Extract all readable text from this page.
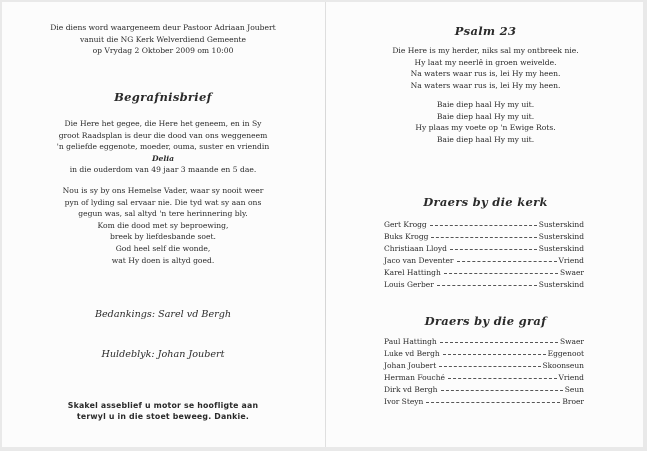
Die diens word waargeneem deur Pastoor Adriaan Joubert
vanuit die NG Kerk Welverdiend Gemeente
op Vrydag 2 Oktober 2009 om 10:00
Begrafnisbrief
Die Here het gegee, die Here het geneem, en in Sy
groot Raadsplan is deur die dood van ons weggeneem
'n geliefde eggenote, moeder, ouma, suster en vriendin
Delia
in die ouderdom van 49 jaar 3 maande en 5 dae.
Nou is sy by ons Hemelse Vader, waar sy nooit weer
pyn of lyding sal ervaar nie. Die tyd wat sy aan ons
gegun was, sal altyd 'n tere herinnering bly.
Kom die dood met sy beproewing,
breek by liefdesbande soet.
God heel self die wonde,
wat Hy doen is altyd goed.
Bedankings: Sarel vd Bergh
Huldeblyk: Johan Joubert
Skakel asseblief u motor se hoofligte aan
terwyl u in die stoet beweeg. Dankie.
Psalm 23
Die Here is my herder, niks sal my ontbreek nie.
Hy laat my neerlê in groen weivelde.
Na waters waar rus is, lei Hy my heen.
Na waters waar rus is, lei Hy my heen.
Baie diep haal Hy my uit.
Baie diep haal Hy my uit.
Hy plaas my voete op 'n Ewige Rots.
Baie diep haal Hy my uit.
Draers by die kerk
Gert Krogg	Susterskind
Buks Krogg	Susterskind
Christiaan Lloyd	Susterskind
Jaco van Deventer	Vriend
Karel Hattingh	Swaer
Louis Gerber	Susterskind
Draers by die graf
Paul Hattingh	Swaer
Luke vd Bergh	Eggenoot
Johan Joubert	Skoonseun
Herman Fouché	Vriend
Dirk vd Bergh	Seun
Ivor Steyn	Broer
